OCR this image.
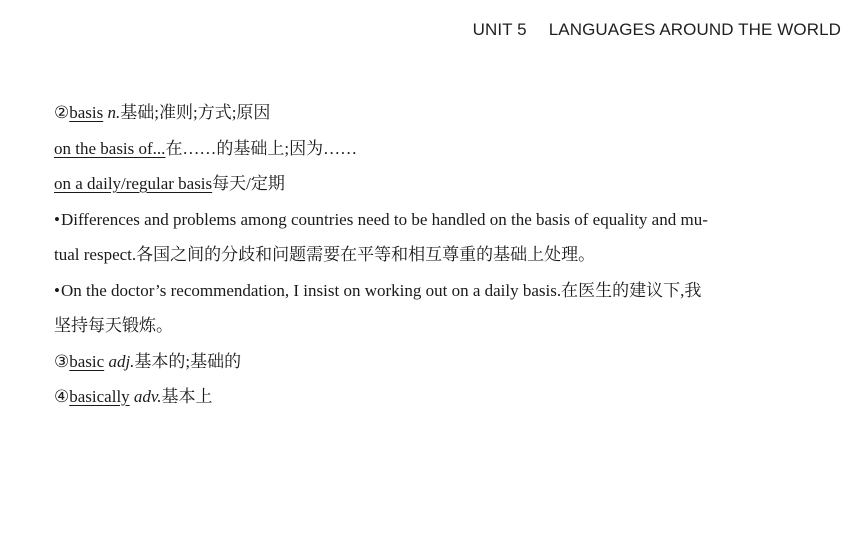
UNIT 5 LANGUAGES AROUND THE WORLD
②basis n.基础;准则;方式;原因
on the basis of...在……的基础上;因为……
on a daily/regular basis每天/定期
•Differences and problems among countries need to be handled on the basis of equality and mu-
tual respect.各国之间的分歧和问题需要在平等和相互尊重的基础上处理。
•On the doctor’s recommendation, I insist on working out on a daily basis.在医生的建议下,我
坚持每天锻炼。
③basic adj.基本的;基础的
④basically adv.基本上
